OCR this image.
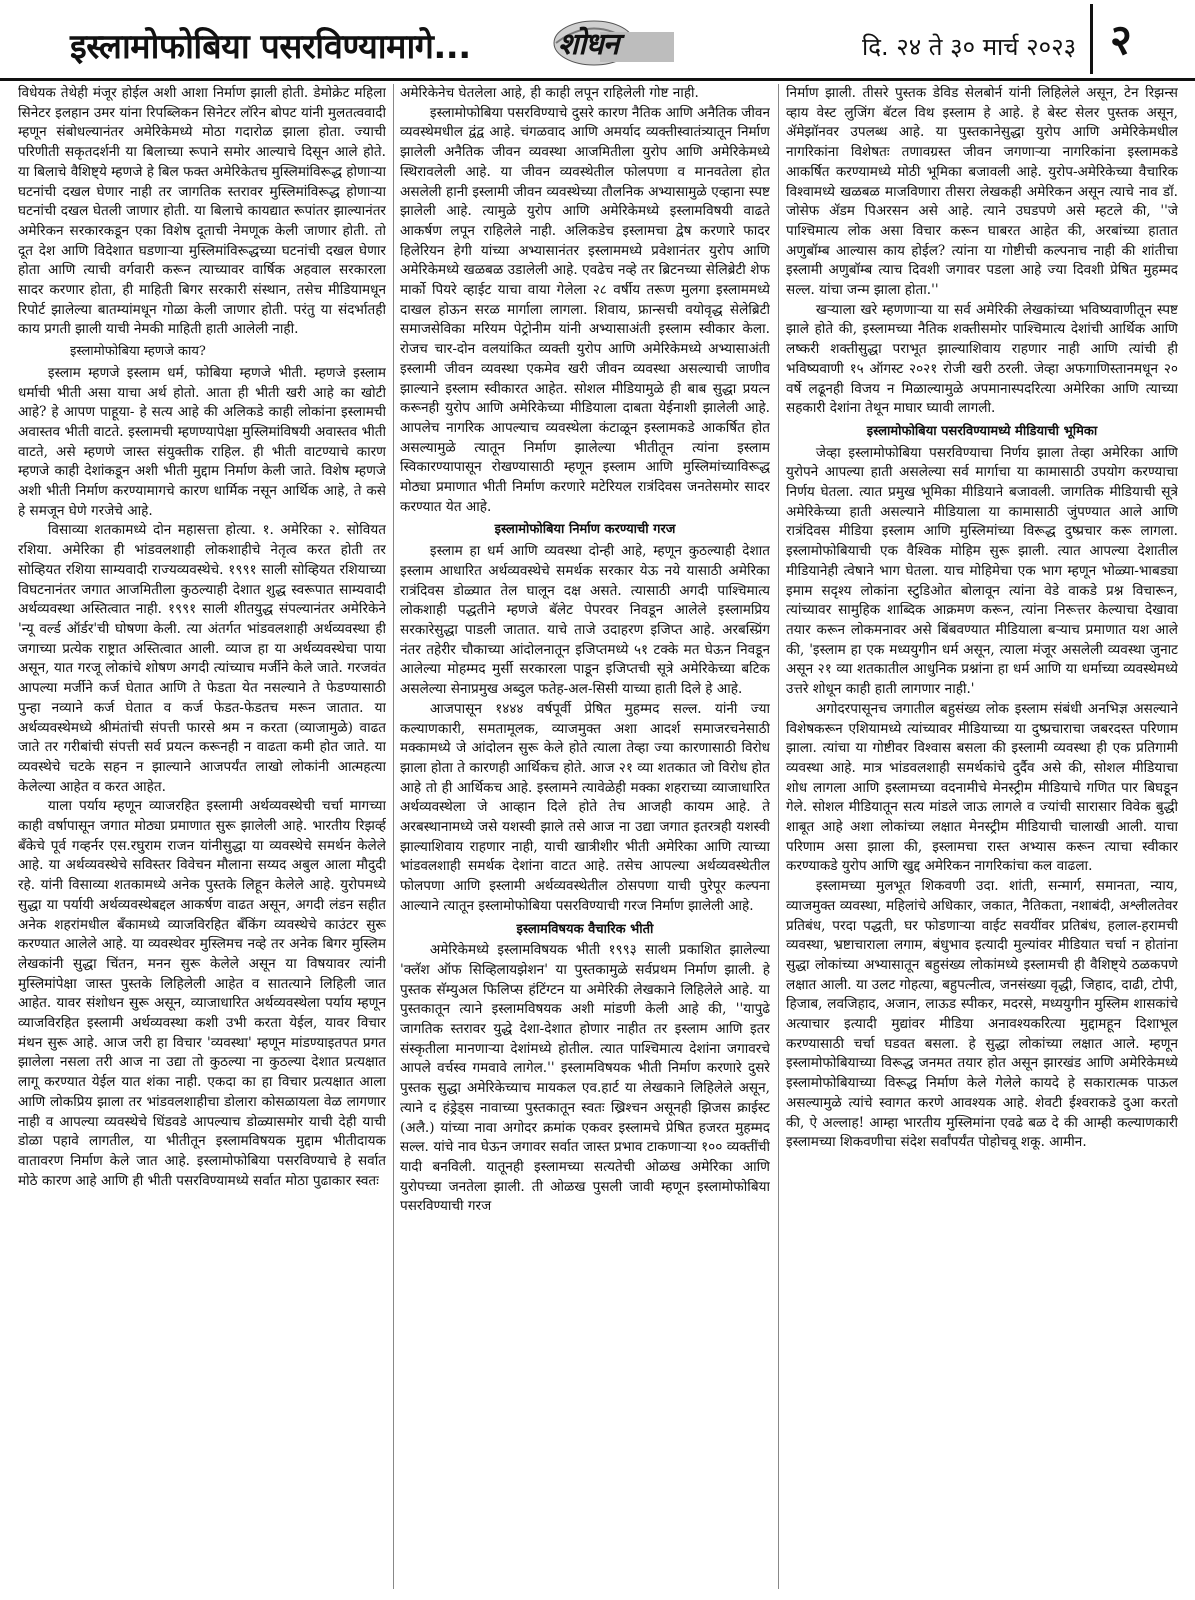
इस्लामोफोबिया पसरविण्यामागे...	शोधन	दि. २४ ते ३० मार्च २०२३ २

विधेयक तेथेही मंजूर होईल अशी आशा निर्माण झाली होती. डेमोक्रेट महिला सिनेटर इलहान उमर यांना रिपब्लिकन सिनेटर लॉरेन बोपट यांनी मुलतत्ववादी म्हणून संबोधल्यानंतर अमेरिकेमध्ये मोठा गदारोळ झाला होता. ज्याची परिणीती सकृतदर्शनी या बिलाच्या रूपाने समोर आल्याचे दिसून आले होते. या बिलाचे वैशिष्ट्ये म्हणजे हे बिल फक्त अमेरिकेतच मुस्लिमांविरूद्ध होणाऱ्या घटनांची दखल घेणार नाही तर जागतिक स्तरावर मुस्लिमांविरूद्ध होणाऱ्या घटनांची दखल घेतली जाणार होती. या बिलाचे कायद्यात रूपांतर झाल्यानंतर अमेरिकन सरकारकडून एका विशेष दूताची नेमणूक केली जाणार होती. तो दूत देश आणि विदेशात घडणाऱ्या मुस्लिमांविरूद्धच्या घटनांची दखल घेणार होता आणि त्याची वर्गवारी करून त्याच्यावर वार्षिक अहवाल सरकारला सादर करणार होता, ही माहिती बिगर सरकारी संस्थान, तसेच मीडियामधून रिपोर्ट झालेल्या बातम्यांमधून गोळा केली जाणार होती. परंतु या संदर्भातही काय प्रगती झाली याची नेमकी माहिती हाती आलेली नाही.

इस्लामोफोबिया म्हणजे काय?

इस्लाम म्हणजे इस्लाम धर्म, फोबिया म्हणजे भीती. म्हणजे इस्लाम धर्माची भीती असा याचा अर्थ होतो. आता ही भीती खरी आहे का खोटी आहे? हे आपण पाहूया- हे सत्य आहे की अलिकडे काही लोकांना इस्लामची अवास्तव भीती वाटते. इस्लामची म्हणण्यापेक्षा मुस्लिमांविषयी अवास्तव भीती वाटते, असे म्हणणे जास्त संयुक्तीक राहिल. ही भीती वाटण्याचे कारण म्हणजे काही देशांकडून अशी भीती मुद्दाम निर्माण केली जाते. विशेष म्हणजे अशी भीती निर्माण करण्यामागचे कारण धार्मिक नसून आर्थिक आहे, ते कसे हे समजून घेणे गरजेचे आहे.

विसाव्या शतकामध्ये दोन महासत्ता होत्या. १. अमेरिका २. सोवियत रशिया. अमेरिका ही भांडवलशाही लोकशाहीचे नेतृत्व करत होती तर सोव्हियत रशिया साम्यवादी राज्यव्यवस्थेचे. १९९१ साली सोव्हियत रशियाच्या विघटनानंतर जगात आजमितीला कुठल्याही देशात शुद्ध स्वरूपात साम्यवादी अर्थव्यवस्था अस्तित्वात नाही. १९९१ साली शीतयुद्ध संपल्यानंतर अमेरिकेने 'न्यू वर्ल्ड ऑर्डर'ची घोषणा केली. त्या अंतर्गत भांडवलशाही अर्थव्यवस्था ही जगाच्या प्रत्येक राष्ट्रात अस्तित्वात आली. व्याज हा या अर्थव्यवस्थेचा पाया असून, यात गरजू लोकांचे शोषण अगदी त्यांच्याच मर्जीने केले जाते. गरजवंत आपल्या मर्जीने कर्ज घेतात आणि ते फेडता येत नसल्याने ते फेडण्यासाठी पुन्हा नव्याने कर्ज घेतात व कर्ज फेडत-फेडतच मरून जातात. या अर्थव्यवस्थेमध्ये श्रीमंतांची संपत्ती फारसे श्रम न करता (व्याजामुळे) वाढत जाते तर गरीबांची संपत्ती सर्व प्रयत्न करूनही न वाढता कमी होत जाते. या व्यवस्थेचे चटके सहन न झाल्याने आजपर्यंत लाखो लोकांनी आत्महत्या केलेल्या आहेत व करत आहेत.

याला पर्याय म्हणून व्याजरहित इस्लामी अर्थव्यवस्थेची चर्चा मागच्या काही वर्षापासून जगात मोठ्या प्रमाणात सुरू झालेली आहे. भारतीय रिझर्व्ह बँकेचे पूर्व गव्हर्नर एस.रघुराम राजन यांनीसुद्धा या व्यवस्थेचे समर्थन केलेले आहे. या अर्थव्यवस्थेचे सविस्तर विवेचन मौलाना सय्यद अबुल आला मौदुदी रहे. यांनी विसाव्या शतकामध्ये अनेक पुस्तके लिहून केलेले आहे. युरोपमध्ये सुद्धा या पर्यायी अर्थव्यवस्थेबद्दल आकर्षण वाढत असून, अगदी लंडन सहीत अनेक शहरांमधील बँकामध्ये व्याजविरहित बँकिंग व्यवस्थेचे काउंटर सुरू करण्यात आलेले आहे. या व्यवस्थेवर मुस्लिमच नव्हे तर अनेक बिगर मुस्लिम लेखकांनी सुद्धा चिंतन, मनन सुरू केलेले असून या विषयावर त्यांनी मुस्लिमांपेक्षा जास्त पुस्तके लिहिलेली आहेत व सातत्याने लिहिली जात आहेत. यावर संशोधन सुरू असून, व्याजाधारित अर्थव्यवस्थेला पर्याय म्हणून व्याजविरहित इस्लामी अर्थव्यवस्था कशी उभी करता येईल, यावर विचार मंथन सुरू आहे. आज जरी हा विचार 'व्यवस्था' म्हणून मांडण्याइतपत प्रगत झालेला नसला तरी आज ना उद्या तो कुठल्या ना कुठल्या देशात प्रत्यक्षात लागू करण्यात येईल यात शंका नाही. एकदा का हा विचार प्रत्यक्षात आला आणि लोकप्रिय झाला तर भांडवलशाहीचा डोलारा कोसळायला वेळ लागणार नाही व आपल्या व्यवस्थेचे धिंडवडे आपल्याच डोळ्यासमोर याची देही याची डोळा पहावे लागतील, या भीतीतून इस्लामविषयक मुद्दाम भीतीदायक वातावरण निर्माण केले जात आहे. इस्लामोफोबिया पसरविण्याचे हे सर्वात मोठे कारण आहे आणि ही भीती पसरविण्यामध्ये सर्वात मोठा पुढाकार स्वतः

अमेरिकेनेच घेतलेला आहे, ही काही लपून राहिलेली गोष्ट नाही.

इस्लामोफोबिया पसरविण्याचे दुसरे कारण नैतिक आणि अनैतिक जीवन व्यवस्थेमधील द्वंद्व आहे. चंगळवाद आणि अमर्याद व्यक्तीस्वातंत्र्यातून निर्माण झालेली अनैतिक जीवन व्यवस्था आजमितीला युरोप आणि अमेरिकेमध्ये स्थिरावलेली आहे. या जीवन व्यवस्थेतील फोलपणा व मानवतेला होत असलेली हानी इस्लामी जीवन व्यवस्थेच्या तौलनिक अभ्यासामुळे एव्हाना स्पष्ट झालेली आहे. त्यामुळे युरोप आणि अमेरिकेमध्ये इस्लामविषयी वाढते आकर्षण लपून राहिलेले नाही. अलिकडेच इस्लामचा द्वेष करणारे फादर हिलेरियन हेगी यांच्या अभ्यासानंतर इस्लाममध्ये प्रवेशानंतर युरोप आणि अमेरिकेमध्ये खळबळ उडालेली आहे. एवढेच नव्हे तर ब्रिटनच्या सेलिब्रेटी शेफ मार्को पियरे व्हाईट याचा वाया गेलेला २८ वर्षीय तरूण मुलगा इस्लाममध्ये दाखल होऊन सरळ मार्गाला लागला. शिवाय, फ्रान्सची वयोवृद्ध सेलेब्रिटी समाजसेविका मरियम पेट्रोनीम यांनी अभ्यासाअंती इस्लाम स्वीकार केला. रोजच चार-दोन वलयांकित व्यक्ती युरोप आणि अमेरिकेमध्ये अभ्यासाअंती इस्लामी जीवन व्यवस्था एकमेव खरी जीवन व्यवस्था असल्याची जाणीव झाल्याने इस्लाम स्वीकारत आहेत. सोशल मीडियामुळे ही बाब सुद्धा प्रयत्न करूनही युरोप आणि अमेरिकेच्या मीडियाला दाबता येईनाशी झालेली आहे. आपलेच नागरिक आपल्याच व्यवस्थेला कंटाळून इस्लामकडे आकर्षित होत असल्यामुळे त्यातून निर्माण झालेल्या भीतीतून त्यांना इस्लाम स्विकारण्यापासून रोखण्यासाठी म्हणून इस्लाम आणि मुस्लिमांच्याविरूद्ध मोठ्या प्रमाणात भीती निर्माण करणारे मटेरियल रात्रंदिवस जनतेसमोर सादर करण्यात येत आहे.

इस्लामोफोबिया निर्माण करण्याची गरज

इस्लाम हा धर्म आणि व्यवस्था दोन्ही आहे, म्हणून कुठल्याही देशात इस्लाम आधारित अर्थव्यवस्थेचे समर्थक सरकार येऊ नये यासाठी अमेरिका रात्रंदिवस डोळ्यात तेल घालून दक्ष असते. त्यासाठी अगदी पाश्चिमात्य लोकशाही पद्धतीने म्हणजे बॅलेट पेपरवर निवडून आलेले इस्लामप्रिय सरकारेसुद्धा पाडली जातात. याचे ताजे उदाहरण इजिप्त आहे. अरबस्प्रिंग नंतर तहेरीर चौकाच्या आंदोलनातून इजिप्तमध्ये ५१ टक्के मत घेऊन निवडून आलेल्या मोहम्मद मुर्सी सरकारला पाडून इजिप्तची सूत्रे अमेरिकेच्या बटिक असलेल्या सेनाप्रमुख अब्दुल फतेह-अल-सिसी याच्या हाती दिले हे आहे.

आजपासून १४४४ वर्षपूर्वी प्रेषित मुहम्मद सल्ल. यांनी ज्या कल्याणकारी, समतामूलक, व्याजमुक्त अशा आदर्श समाजरचनेसाठी मक्कामध्ये जे आंदोलन सुरू केले होते त्याला तेव्हा ज्या कारणासाठी विरोध झाला होता ते कारणही आर्थिकच होते. आज २१ व्या शतकात जो विरोध होत आहे तो ही आर्थिकच आहे. इस्लामने त्यावेळेही मक्का शहराच्या व्याजाधारित अर्थव्यवस्थेला जे आव्हान दिले होते तेच आजही कायम आहे. ते अरबस्थानामध्ये जसे यशस्वी झाले तसे आज ना उद्या जगात इतरत्रही यशस्वी झाल्याशिवाय राहणार नाही, याची खात्रीशीर भीती अमेरिका आणि त्याच्या भांडवलशाही समर्थक देशांना वाटत आहे. तसेच आपल्या अर्थव्यवस्थेतील फोलपणा आणि इस्लामी अर्थव्यवस्थेतील ठोसपणा याची पुरेपूर कल्पना आल्याने त्यातून इस्लामोफोबिया पसरविण्याची गरज निर्माण झालेली आहे.

इस्लामविषयक वैचारिक भीती

अमेरिकेमध्ये इस्लामविषयक भीती १९९३ साली प्रकाशित झालेल्या 'क्लॅश ऑफ सिव्हिलायझेशन' या पुस्तकामुळे सर्वप्रथम निर्माण झाली. हे पुस्तक सॅम्युअल फिलिप्स हंटिंग्टन या अमेरिकी लेखकाने लिहिलेले आहे. या पुस्तकातून त्याने इस्लामविषयक अशी मांडणी केली आहे की, ''यापुढे जागतिक स्तरावर युद्धे देशा-देशात होणार नाहीत तर इस्लाम आणि इतर संस्कृतीला मानणाऱ्या देशांमध्ये होतील. त्यात पाश्चिमात्य देशांना जगावरचे आपले वर्चस्व गमवावे लागेल.'' इस्लामविषयक भीती निर्माण करणारे दुसरे पुस्तक सुद्धा अमेरिकेच्याच मायकल एव.हार्ट या लेखकाने लिहिलेले असून, त्याने द हंड्रेड्स नावाच्या पुस्तकातून स्वतः ख्रिश्चन असूनही झिजस क्राईस्ट (अलै.) यांच्या नावा अगोदर क्रमांक एकवर इस्लामचे प्रेषित हजरत मुहम्मद सल्ल. यांचे नाव घेऊन जगावर सर्वात जास्त प्रभाव टाकणाऱ्या १०० व्यक्तींची यादी बनविली. यातूनही इस्लामच्या सत्यतेची ओळख अमेरिका आणि युरोपच्या जनतेला झाली. ती ओळख पुसली जावी म्हणून इस्लामोफोबिया पसरविण्याची गरज

निर्माण झाली. तीसरे पुस्तक डेविड सेलबोर्न यांनी लिहिलेले असून, टेन रिझन्स व्हाय वेस्ट लुजिंग बॅटल विथ इस्लाम हे आहे. हे बेस्ट सेलर पुस्तक असून, ॲमेझॉनवर उपलब्ध आहे. या पुस्तकानेसुद्धा युरोप आणि अमेरिकेमधील नागरिकांना विशेषतः तणावग्रस्त जीवन जगणाऱ्या नागरिकांना इस्लामकडे आकर्षित करण्यामध्ये मोठी भूमिका बजावली आहे. युरोप-अमेरिकेच्या वैचारिक विश्वामध्ये खळबळ माजविणारा तीसरा लेखकही अमेरिकन असून त्याचे नाव डॉ. जोसेफ ॲडम पिअरसन असे आहे. त्याने उघडपणे असे म्हटले की, ''जे पाश्चिमात्य लोक असा विचार करून घाबरत आहेत की, अरबांच्या हातात अणुबॉम्ब आल्यास काय होईल? त्यांना या गोष्टीची कल्पनाच नाही की शांतीचा इस्लामी अणुबॉम्ब त्याच दिवशी जगावर पडला आहे ज्या दिवशी प्रेषित मुहम्मद सल्ल. यांचा जन्म झाला होता.''

खऱ्याला खरे म्हणणाऱ्या या सर्व अमेरिकी लेखकांच्या भविष्यवाणीतून स्पष्ट झाले होते की, इस्लामच्या नैतिक शक्तीसमोर पाश्चिमात्य देशांची आर्थिक आणि लष्करी शक्तीसुद्धा पराभूत झाल्याशिवाय राहणार नाही आणि त्यांची ही भविष्यवाणी १५ ऑगस्ट २०२१ रोजी खरी ठरली. जेव्हा अफगाणिस्तानमधून २० वर्षे लढूनही विजय न मिळाल्यामुळे अपमानास्पदरित्या अमेरिका आणि त्याच्या सहकारी देशांना तेथून माघार घ्यावी लागली.

इस्लामोफोबिया पसरविण्यामध्ये मीडियाची भूमिका

जेव्हा इस्लामोफोबिया पसरविण्याचा निर्णय झाला तेव्हा अमेरिका आणि युरोपने आपल्या हाती असलेल्या सर्व मार्गाचा या कामासाठी उपयोग करण्याचा निर्णय घेतला. त्यात प्रमुख भूमिका मीडियाने बजावली. जागतिक मीडियाची सूत्रे अमेरिकेच्या हाती असल्याने मीडियाला या कामासाठी जुंपण्यात आले आणि रात्रंदिवस मीडिया इस्लाम आणि मुस्लिमांच्या विरूद्ध दुष्प्रचार करू लागला. इस्लामोफोबियाची एक वैश्विक मोहिम सुरू झाली. त्यात आपल्या देशातील मीडियानेही त्वेषाने भाग घेतला. याच मोहिमेचा एक भाग म्हणून भोळ्या-भाबड्या इमाम सदृश्य लोकांना स्टुडिओत बोलावून त्यांना वेडे वाकडे प्रश्न विचारून, त्यांच्यावर सामुहिक शाब्दिक आक्रमण करून, त्यांना निरूत्तर केल्याचा देखावा तयार करून लोकमनावर असे बिंबवण्यात मीडियाला बऱ्याच प्रमाणात यश आले की, 'इस्लाम हा एक मध्ययुगीन धर्म असून, त्याला मंजूर असलेली व्यवस्था जुनाट असून २१ व्या शतकातील आधुनिक प्रश्नांना हा धर्म आणि या धर्माच्या व्यवस्थेमध्ये उत्तरे शोधून काही हाती लागणार नाही.'

अगोदरपासूनच जगातील बहुसंख्य लोक इस्लाम संबंधी अनभिज्ञ असल्याने विशेषकरून एशियामध्ये त्यांच्यावर मीडियाच्या या दुष्प्रचाराचा जबरदस्त परिणाम झाला. त्यांचा या गोष्टीवर विश्वास बसला की इस्लामी व्यवस्था ही एक प्रतिगामी व्यवस्था आहे. मात्र भांडवलशाही समर्थकांचे दुर्दैव असे की, सोशल मीडियाचा शोध लागला आणि इस्लामच्या वदनामीचे मेनस्ट्रीम मीडियाचे गणित पार बिघडून गेले. सोशल मीडियातून सत्य मांडले जाऊ लागले व ज्यांची सारासार विवेक बुद्धी शाबूत आहे अशा लोकांच्या लक्षात मेनस्ट्रीम मीडियाची चालाखी आली. याचा परिणाम असा झाला की, इस्लामचा रास्त अभ्यास करून त्याचा स्वीकार करण्याकडे युरोप आणि खुद्द अमेरिकन नागरिकांचा कल वाढला.

इस्लामच्या मुलभूत शिकवणी उदा. शांती, सन्मार्ग, समानता, न्याय, व्याजमुक्त व्यवस्था, महिलांचे अधिकार, जकात, नैतिकता, नशाबंदी, अश्लीलतेवर प्रतिबंध, परदा पद्धती, घर फोडणाऱ्या वाईट सवयींवर प्रतिबंध, हलाल-हरामची व्यवस्था, भ्रष्टाचाराला लगाम, बंधुभाव इत्यादी मुल्यांवर मीडियात चर्चा न होतांना सुद्धा लोकांच्या अभ्यासातून बहुसंख्य लोकांमध्ये इस्लामची ही वैशिष्ट्ये ठळकपणे लक्षात आली. या उलट गोहत्या, बहुपत्नीत्व, जनसंख्या वृद्धी, जिहाद, दाढी, टोपी, हिजाब, लवजिहाद, अजान, लाऊड स्पीकर, मदरसे, मध्ययुगीन मुस्लिम शासकांचे अत्याचार इत्यादी मुद्यांवर मीडिया अनावश्यकरित्या मुद्दामहून दिशाभूल करण्यासाठी चर्चा घडवत बसला. हे सुद्धा लोकांच्या लक्षात आले. म्हणून इस्लामोफोबियाच्या विरूद्ध जनमत तयार होत असून झारखंड आणि अमेरिकेमध्ये इस्लामोफोबियाच्या विरूद्ध निर्माण केले गेलेले कायदे हे सकारात्मक पाऊल असल्यामुळे त्यांचे स्वागत करणे आवश्यक आहे. शेवटी ईश्वराकडे दुआ करतो की, ऐ अल्लाह! आम्हा भारतीय मुस्लिमांना एवढे बळ दे की आम्ही कल्याणकारी इस्लामच्या शिकवणीचा संदेश सर्वांपर्यंत पोहोचवू शकू. आमीन.
